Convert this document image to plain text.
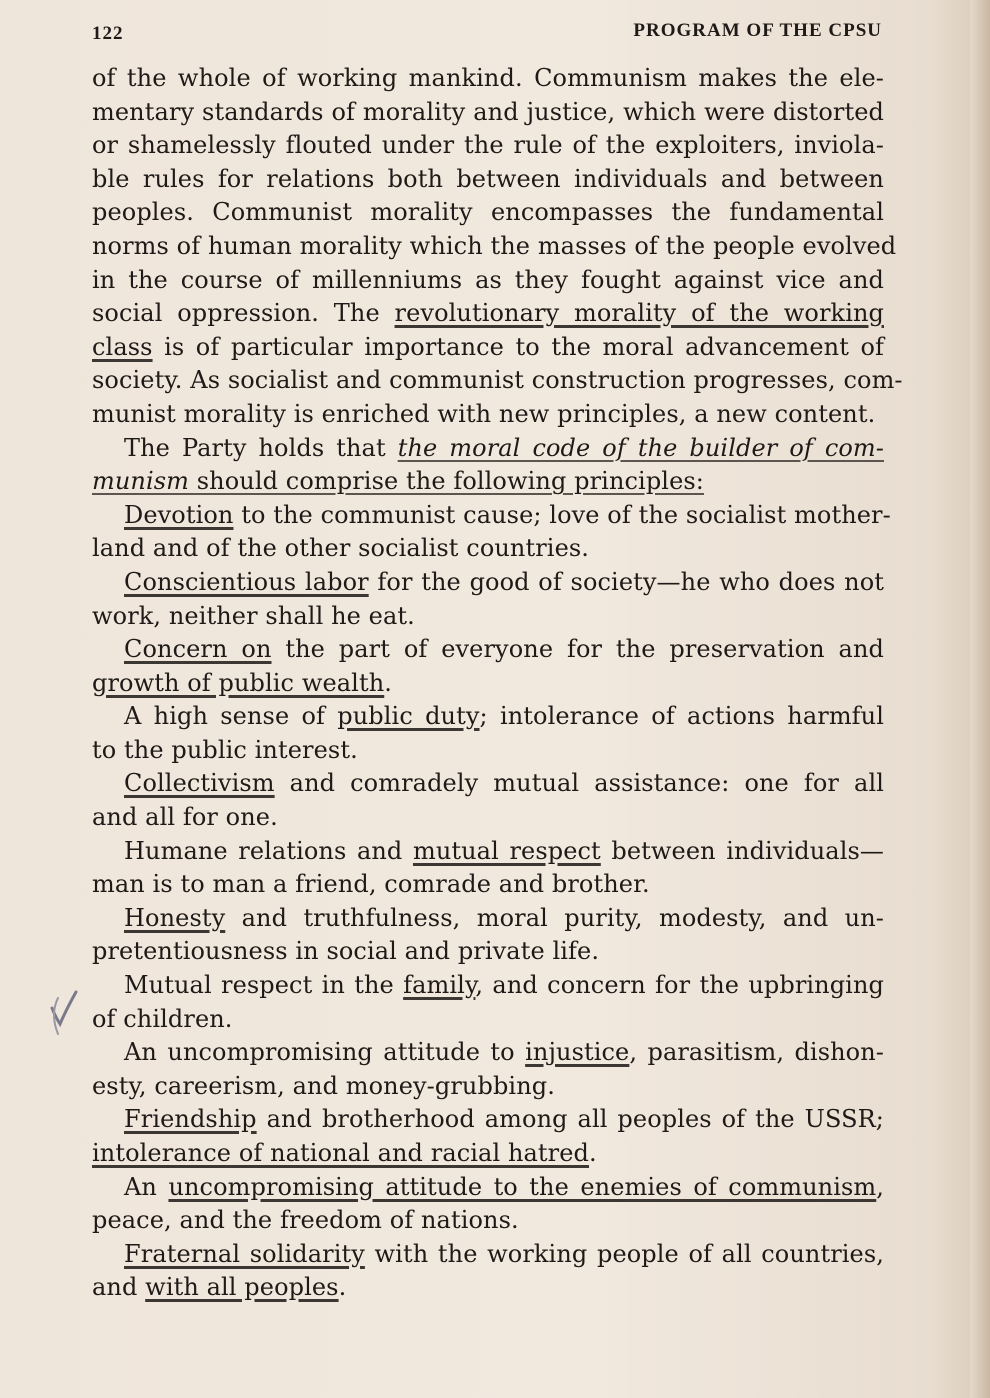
122	PROGRAM OF THE CPSU
of the whole of working mankind. Communism makes the ele-
mentary standards of morality and justice, which were distorted
or shamelessly flouted under the rule of the exploiters, inviola-
ble rules for relations both between individuals and between
peoples. Communist morality encompasses the fundamental
norms of human morality which the masses of the people evolved
in the course of millenniums as they fought against vice and
social oppression. The revolutionary morality of the working
class is of particular importance to the moral advancement of
society. As socialist and communist construction progresses, com-
munist morality is enriched with new principles, a new content.
The Party holds that the moral code of the builder of com-
munism should comprise the following principles:
Devotion to the communist cause; love of the socialist mother-
land and of the other socialist countries.
Conscientious labor for the good of society—he who does not
work, neither shall he eat.
Concern on the part of everyone for the preservation and
growth of public wealth.
A high sense of public duty; intolerance of actions harmful
to the public interest.
Collectivism and comradely mutual assistance: one for all
and all for one.
Humane relations and mutual respect between individuals—
man is to man a friend, comrade and brother.
Honesty and truthfulness, moral purity, modesty, and un-
pretentiousness in social and private life.
Mutual respect in the family, and concern for the upbringing
of children.
An uncompromising attitude to injustice, parasitism, dishon-
esty, careerism, and money-grubbing.
Friendship and brotherhood among all peoples of the USSR;
intolerance of national and racial hatred.
An uncompromising attitude to the enemies of communism,
peace, and the freedom of nations.
Fraternal solidarity with the working people of all countries,
and with all peoples.
